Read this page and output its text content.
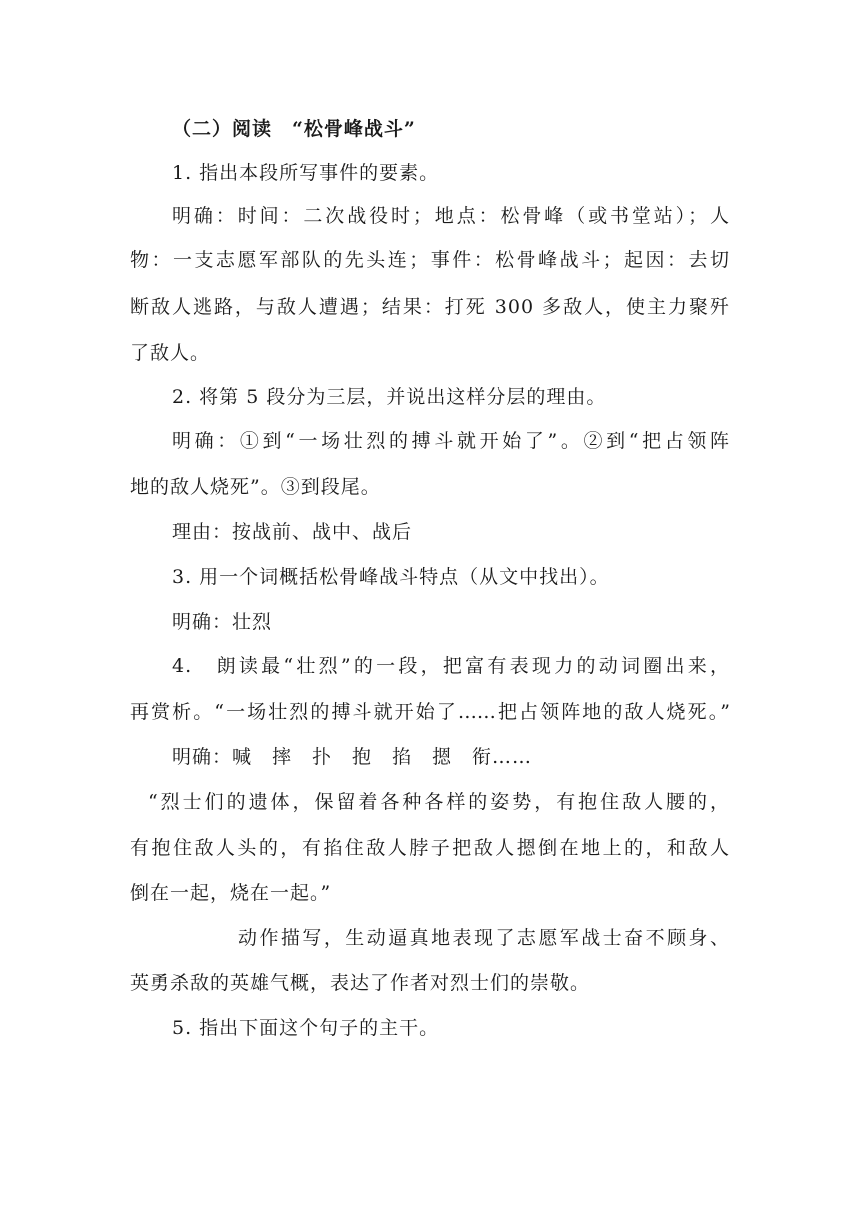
（二）阅读　“松骨峰战斗”
1. 指出本段所写事件的要素。
明确：时间：二次战役时；地点：松骨峰（或书堂站）；人
物：一支志愿军部队的先头连；事件：松骨峰战斗；起因：去切
断敌人逃路，与敌人遭遇；结果：打死 300 多敌人，使主力聚歼
了敌人。
2. 将第 5 段分为三层，并说出这样分层的理由。
明确：①到“一场壮烈的搏斗就开始了”。②到“把占领阵
地的敌人烧死”。③到段尾。
理由：按战前、战中、战后
3. 用一个词概括松骨峰战斗特点（从文中找出）。
明确：壮烈
4.　朗读最“壮烈”的一段，把富有表现力的动词圈出来，
再赏析。“一场壮烈的搏斗就开始了……把占领阵地的敌人烧死。”
明确：喊　摔　扑　抱　掐　摁　衔……
“烈士们的遗体，保留着各种各样的姿势，有抱住敌人腰的，
有抱住敌人头的，有掐住敌人脖子把敌人摁倒在地上的，和敌人
倒在一起，烧在一起。”
动作描写，生动逼真地表现了志愿军战士奋不顾身、
英勇杀敌的英雄气概，表达了作者对烈士们的崇敬。
5. 指出下面这个句子的主干。
